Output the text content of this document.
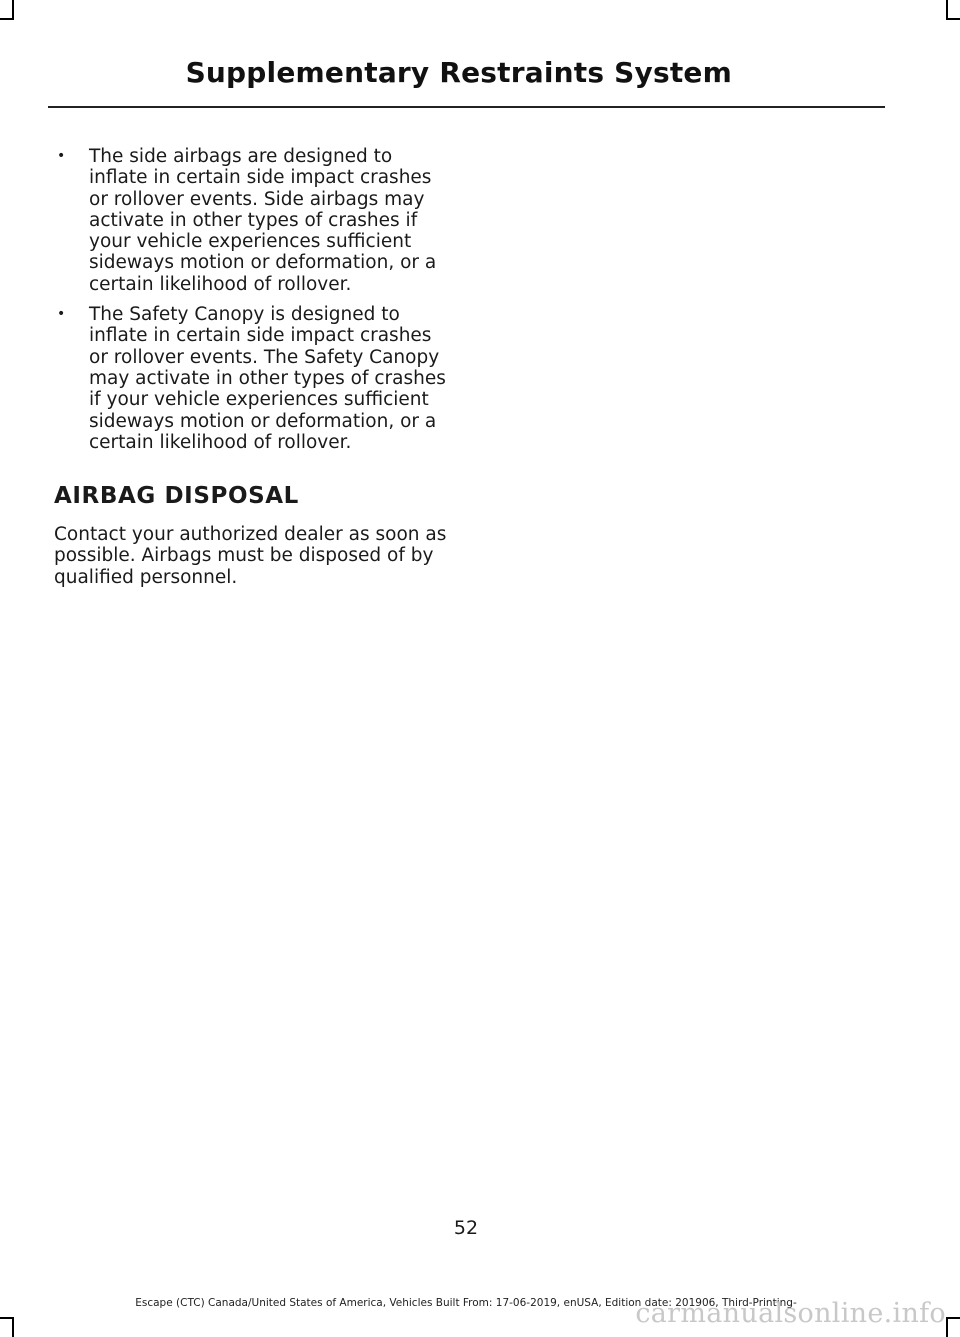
Supplementary Restraints System
• The side airbags are designed to inflate in certain side impact crashes or rollover events. Side airbags may activate in other types of crashes if your vehicle experiences sufficient sideways motion or deformation, or a certain likelihood of rollover.
• The Safety Canopy is designed to inflate in certain side impact crashes or rollover events. The Safety Canopy may activate in other types of crashes if your vehicle experiences sufficient sideways motion or deformation, or a certain likelihood of rollover.
AIRBAG DISPOSAL

Contact your authorized dealer as soon as possible. Airbags must be disposed of by qualified personnel.

52
Escape (CTC) Canada/United States of America, Vehicles Built From: 17-06-2019, enUSA, Edition date: 201906, Third-Printing-
carmanualsonline.info
